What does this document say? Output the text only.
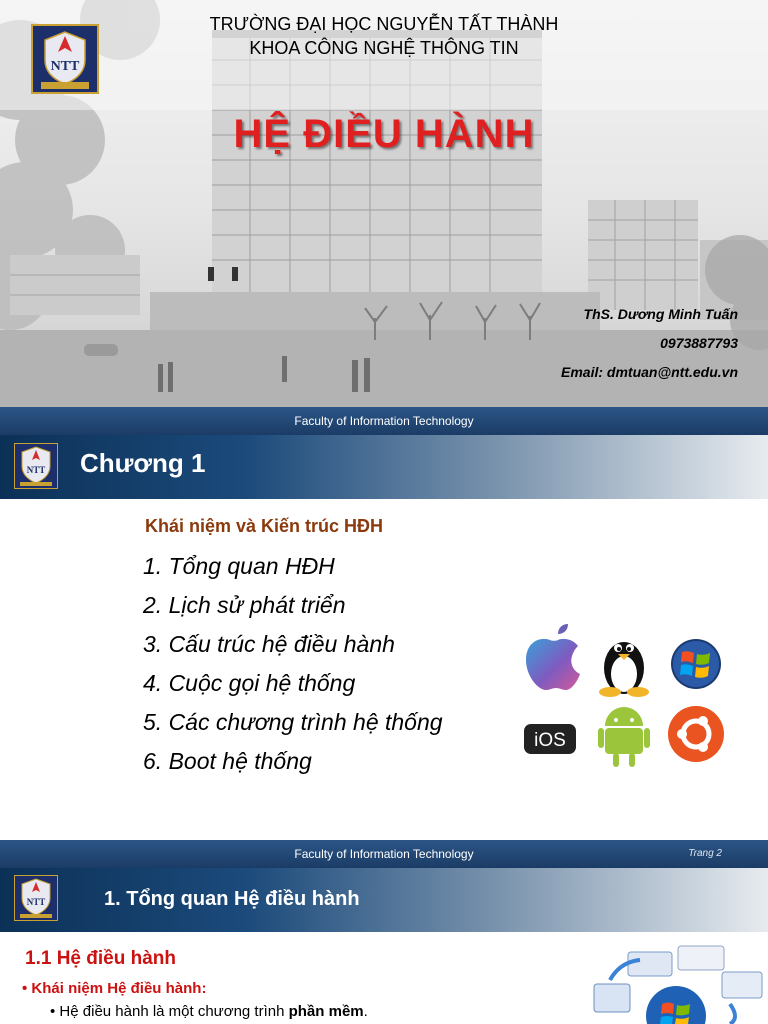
NTT
TRƯỜNG ĐẠI HỌC NGUYỄN TẤT THÀNH
KHOA CÔNG NGHỆ THÔNG TIN
HỆ ĐIỀU HÀNH
ThS. Dương Minh Tuấn
0973887793
Email: dmtuan@ntt.edu.vn
Faculty of Information Technology
NTT Chương 1
Khái niệm và Kiến trúc HĐH
1. Tổng quan HĐH
2. Lịch sử phát triển
3. Cấu trúc hệ điều hành
4. Cuộc gọi hệ thống
5. Các chương trình hệ thống
6. Boot hệ thống
iOS
Faculty of Information Technology	Trang 2
NTT	1. Tổng quan Hệ điều hành
1.1 Hệ điều hành
• Khái niệm Hệ điều hành:
• Hệ điều hành là một chương trình phần mềm.
